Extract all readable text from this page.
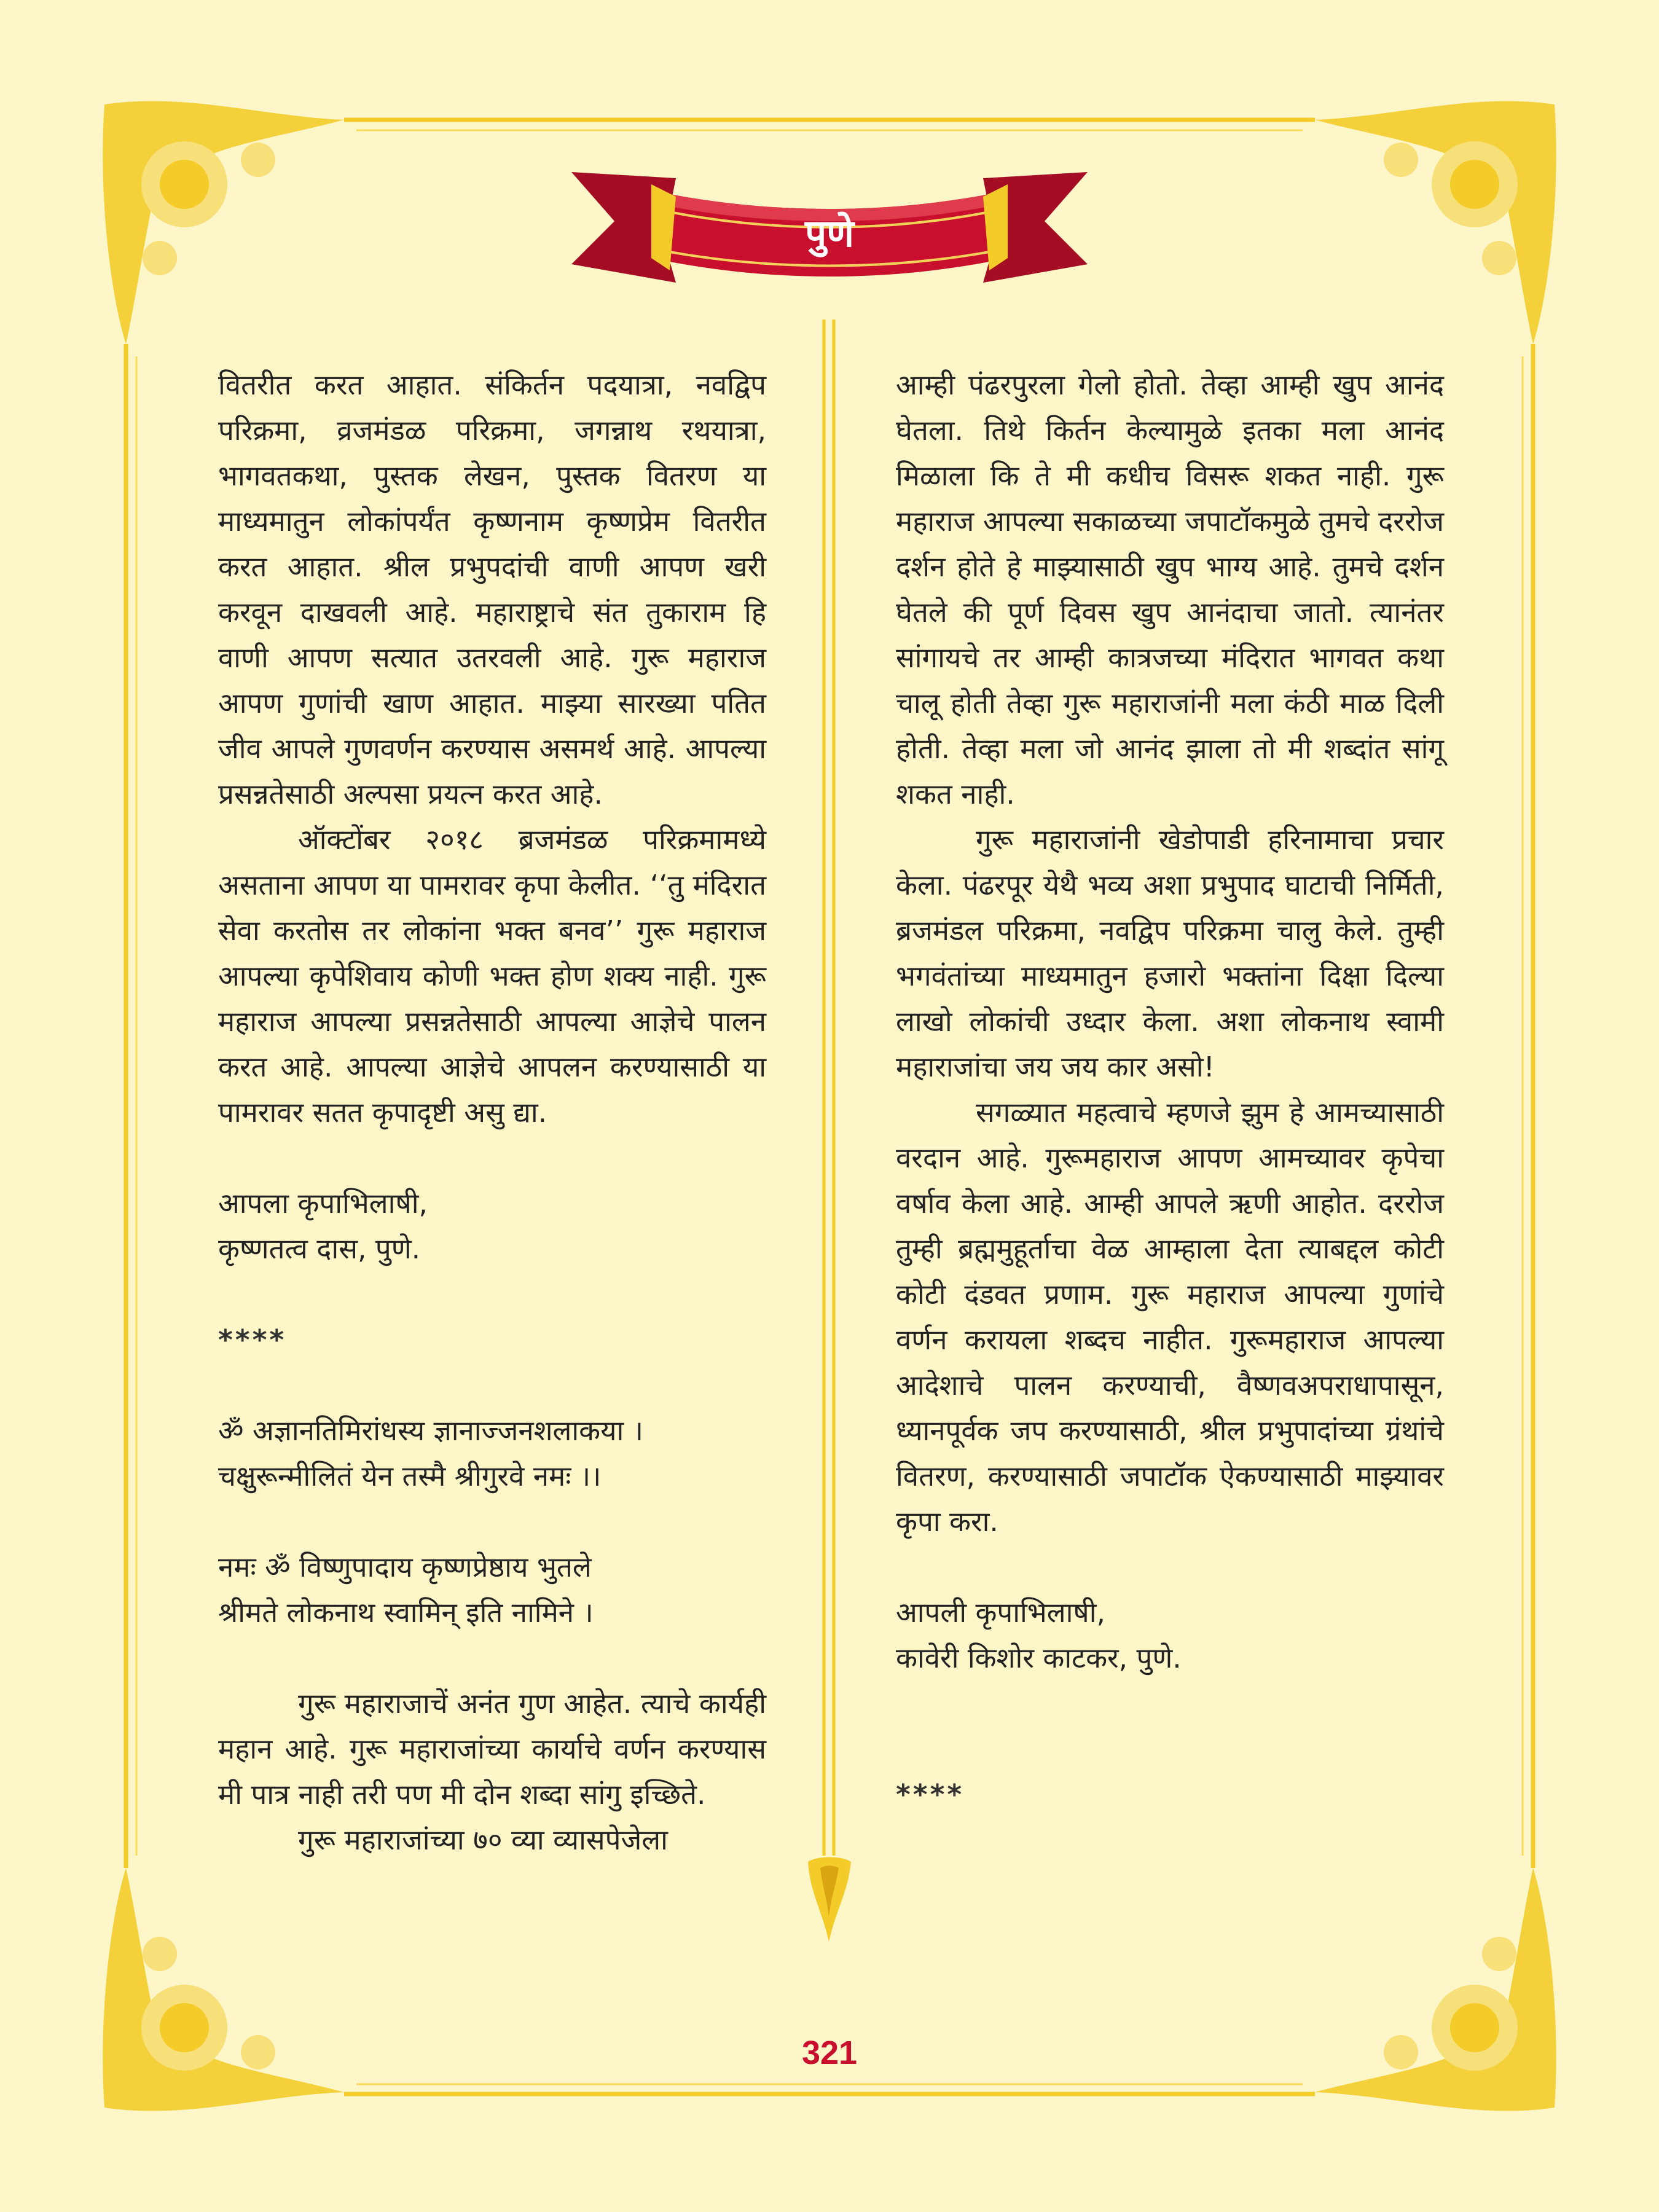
पुणे

वितरीत करत आहात. संकिर्तन पदयात्रा, नवद्विप परिक्रमा, व्रजमंडळ परिक्रमा, जगन्नाथ रथयात्रा, भागवतकथा, पुस्तक लेखन, पुस्तक वितरण या माध्यमातुन लोकांपर्यंत कृष्णनाम कृष्णप्रेम वितरीत करत आहात. श्रील प्रभुपदांची वाणी आपण खरी करवून दाखवली आहे. महाराष्ट्राचे संत तुकाराम हि वाणी आपण सत्यात उतरवली आहे. गुरू महाराज आपण गुणांची खाण आहात. माझ्या सारख्या पतित जीव आपले गुणवर्णन करण्यास असमर्थ आहे. आपल्या प्रसन्नतेसाठी अल्पसा प्रयत्न करत आहे.

ऑक्टोंबर २०१८ ब्रजमंडळ परिक्रमामध्ये असताना आपण या पामरावर कृपा केलीत. ‘‘तु मंदिरात सेवा करतोस तर लोकांना भक्त बनव’’ गुरू महाराज आपल्या कृपेशिवाय कोणी भक्त होण शक्य नाही. गुरू महाराज आपल्या प्रसन्नतेसाठी आपल्या आज्ञेचे पालन करत आहे. आपल्या आज्ञेचे आपलन करण्यासाठी या पामरावर सतत कृपादृष्टी असु द्या.

आपला कृपाभिलाषी,

कृष्णतत्व दास, पुणे.

****

ॐ अज्ञानतिमिरांधस्य ज्ञानाज्जनशलाकया ।

चक्षुरून्मीलितं येन तस्मै श्रीगुरवे नमः ।।

नमः ॐ विष्णुपादाय कृष्णप्रेष्ठाय भुतले

श्रीमते लोकनाथ स्वामिन् इति नामिने ।

गुरू महाराजाचें अनंत गुण आहेत. त्याचे कार्यही महान आहे. गुरू महाराजांच्या कार्याचे वर्णन करण्यास मी पात्र नाही तरी पण मी दोन शब्दा सांगु इच्छिते.

गुरू महाराजांच्या ७० व्या व्यासपेजेला

आम्ही पंढरपुरला गेलो होतो. तेव्हा आम्ही खुप आनंद घेतला. तिथे किर्तन केल्यामुळे इतका मला आनंद मिळाला कि ते मी कधीच विसरू शकत नाही. गुरू महाराज आपल्या सकाळच्या जपाटॉकमुळे तुमचे दररोज दर्शन होते हे माझ्यासाठी खुप भाग्य आहे. तुमचे दर्शन घेतले की पूर्ण दिवस खुप आनंदाचा जातो. त्यानंतर सांगायचे तर आम्ही कात्रजच्या मंदिरात भागवत कथा चालू होती तेव्हा गुरू महाराजांनी मला कंठी माळ दिली होती. तेव्हा मला जो आनंद झाला तो मी शब्दांत सांगू शकत नाही.

गुरू महाराजांनी खेडोपाडी हरिनामाचा प्रचार केला. पंढरपूर येथै भव्य अशा प्रभुपाद घाटाची निर्मिती, ब्रजमंडल परिक्रमा, नवद्विप परिक्रमा चालु केले. तुम्ही भगवंतांच्या माध्यमातुन हजारो भक्तांना दिक्षा दिल्या लाखो लोकांची उध्दार केला. अशा लोकनाथ स्वामी महाराजांचा जय जय कार असो!

सगळ्यात महत्वाचे म्हणजे झुम हे आमच्यासाठी वरदान आहे. गुरूमहाराज आपण आमच्यावर कृपेचा वर्षाव केला आहे. आम्ही आपले ऋणी आहोत. दररोज तुम्ही ब्रह्ममुहूर्ताचा वेळ आम्हाला देता त्याबद्दल कोटी कोटी दंडवत प्रणाम. गुरू महाराज आपल्या गुणांचे वर्णन करायला शब्दच नाहीत. गुरूमहाराज आपल्या आदेशाचे पालन करण्याची, वैष्णवअपराधापासून, ध्यानपूर्वक जप करण्यासाठी, श्रील प्रभुपादांच्या ग्रंथांचे वितरण, करण्यासाठी जपाटॉक ऐकण्यासाठी माझ्यावर कृपा करा.

आपली कृपाभिलाषी,

कावेरी किशोर काटकर, पुणे.

****

321
